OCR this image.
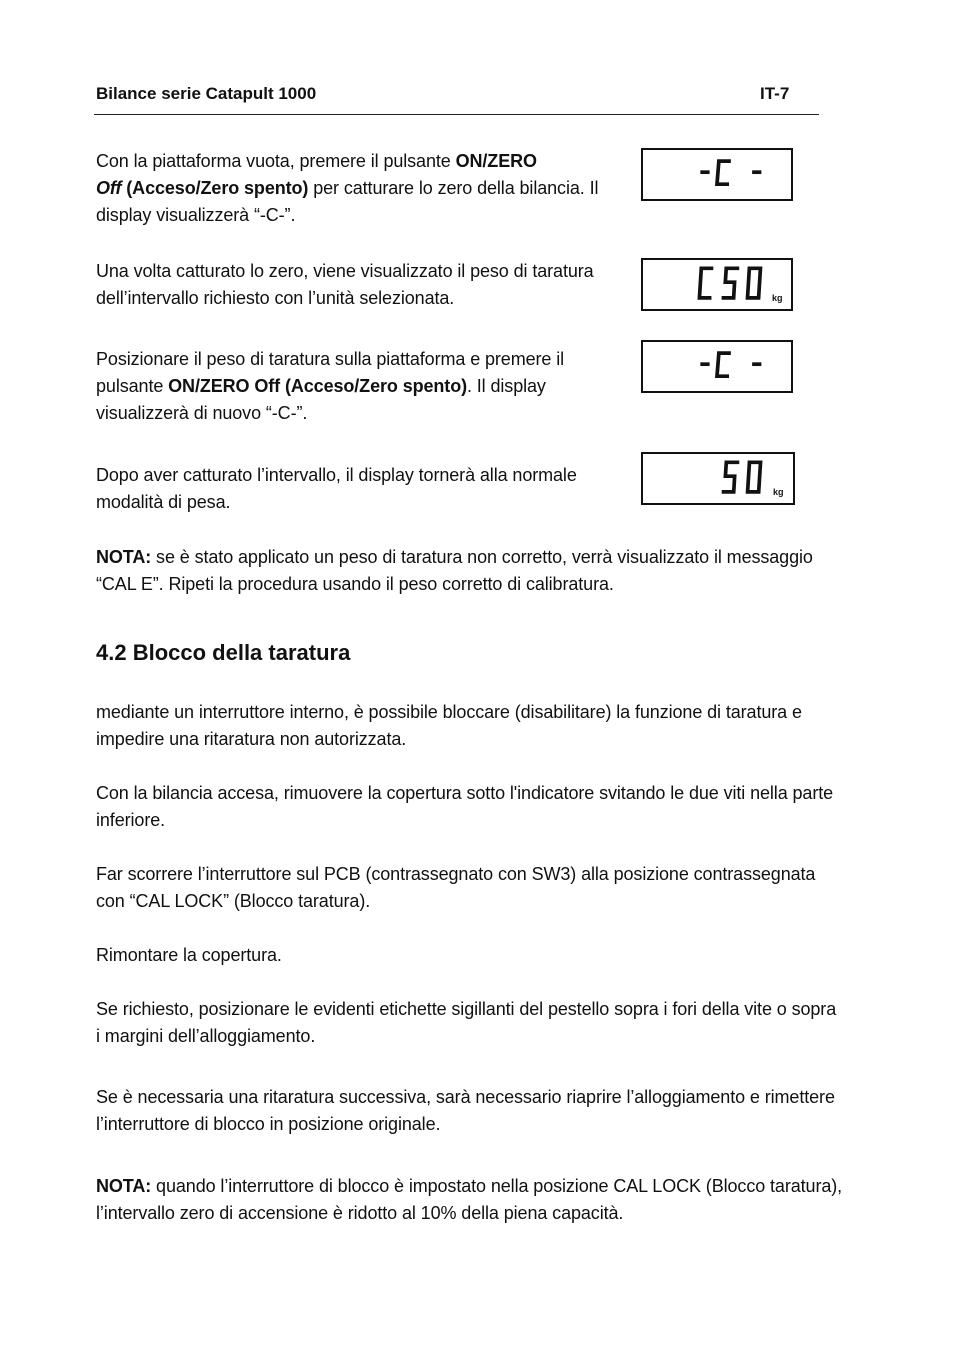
Bilance serie Catapult 1000	IT-7
Con la piattaforma vuota, premere il pulsante ON/ZERO
Off (Acceso/Zero spento) per catturare lo zero della bilancia. Il display visualizzerà “-C-”.
Una volta catturato lo zero, viene visualizzato il peso di taratura dell’intervallo richiesto con l’unità selezionata.
Posizionare il peso di taratura sulla piattaforma e premere il pulsante ON/ZERO Off (Acceso/Zero spento). Il display visualizzerà di nuovo “-C-”.
Dopo aver catturato l’intervallo, il display tornerà alla normale modalità di pesa.
kg
kg
NOTA: se è stato applicato un peso di taratura non corretto, verrà visualizzato il messaggio “CAL E”. Ripeti la procedura usando il peso corretto di calibratura.
4.2 Blocco della taratura
mediante un interruttore interno, è possibile bloccare (disabilitare) la funzione di taratura e impedire una ritaratura non autorizzata.
Con la bilancia accesa, rimuovere la copertura sotto l'indicatore svitando le due viti nella parte inferiore.
Far scorrere l’interruttore sul PCB (contrassegnato con SW3) alla posizione contrassegnata con “CAL LOCK” (Blocco taratura).
Rimontare la copertura.
Se richiesto, posizionare le evidenti etichette sigillanti del pestello sopra i fori della vite o sopra i margini dell’alloggiamento.
Se è necessaria una ritaratura successiva, sarà necessario riaprire l’alloggiamento e rimettere l’interruttore di blocco in posizione originale.
NOTA: quando l’interruttore di blocco è impostato nella posizione CAL LOCK (Blocco taratura), l’intervallo zero di accensione è ridotto al 10% della piena capacità.
